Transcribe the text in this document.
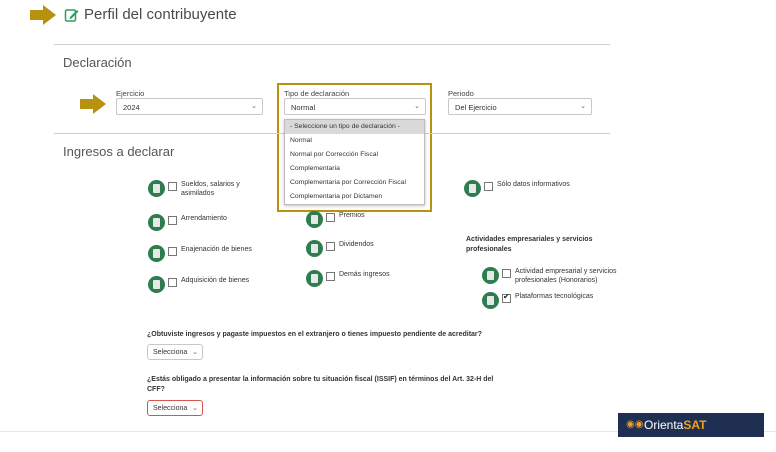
Perfil del contribuyente
Declaración
Ejercicio
2024	⌄
Tipo de declaración
Normal	⌄
Periodo
Del Ejercicio	⌄
Ingresos a declarar
Sueldos, salarios y asimilados
Arrendamiento
Enajenación de bienes
Adquisición de bienes
Premios
Dividendos
Demás ingresos
Sólo datos informativos
Actividades empresariales y servicios profesionales
Actividad empresarial y servicios profesionales (Honorarios)
✔
Plataformas tecnológicas
- Seleccione un tipo de declaración -
Normal
Normal por Corrección Fiscal
Complementaria
Complementaria por Corrección Fiscal
Complementaria por Dictamen
¿Obtuviste ingresos y pagaste impuestos en el extranjero o tienes impuesto pendiente de acreditar?
Selecciona ⌄
¿Estás obligado a presentar la información sobre tu situación fiscal (ISSIF) en términos del Art. 32-H del CFF?
Selecciona ⌄
◉◉ Orienta SAT
